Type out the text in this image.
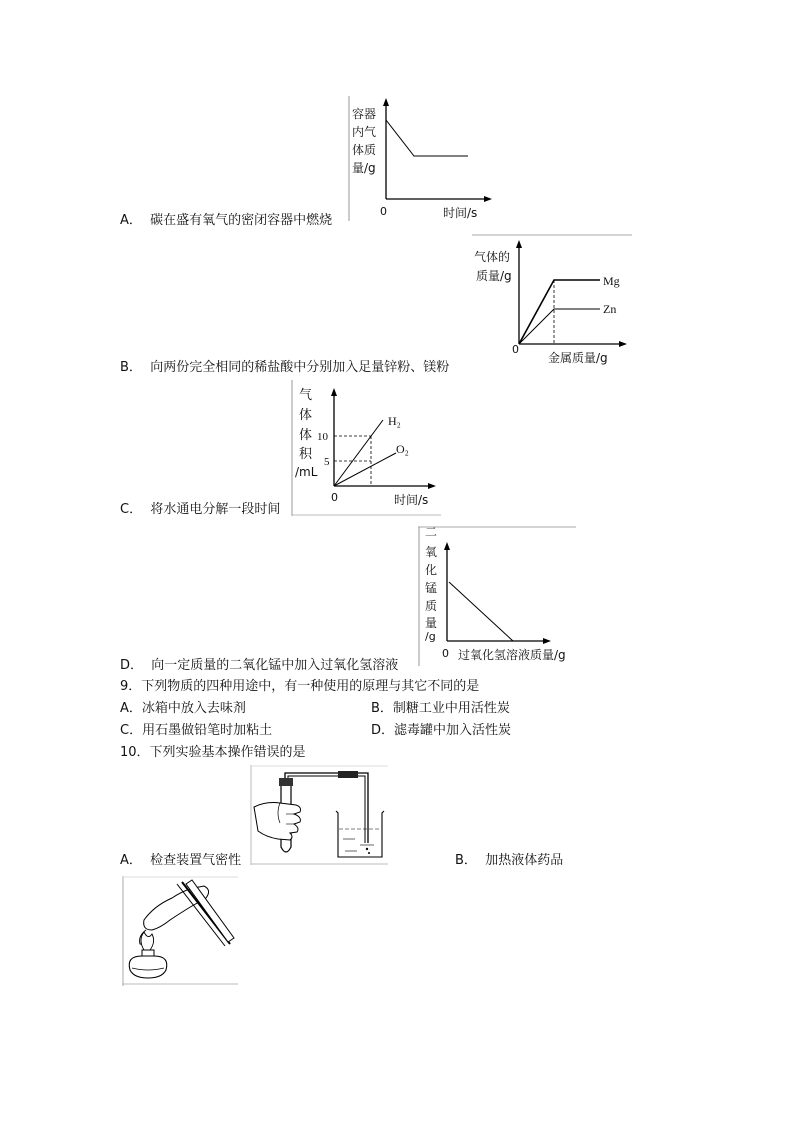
容器
内气
体质
量/g
0	时间/s
A． 碳在盛有氧气的密闭容器中燃烧
气体的
质量/g
0
Mg
Zn
金属质量/g
B． 向两份完全相同的稀盐酸中分别加入足量锌粉、镁粉
气
体
体
积
/mL
10
5
0
H₂
O₂
时间/s
C． 将水通电分解一段时间
二
氧
化
锰
质
量
/g
0 过氧化氢溶液质量/g
D． 向一定质量的二氧化锰中加入过氧化氢溶液
9．下列物质的四种用途中，有一种使用的原理与其它不同的是
A．冰箱中放入去味剂	B．制糖工业中用活性炭
C．用石墨做铅笔时加粘土	D．滤毒罐中加入活性炭
10．下列实验基本操作错误的是
A． 检查装置气密性	B． 加热液体药品
